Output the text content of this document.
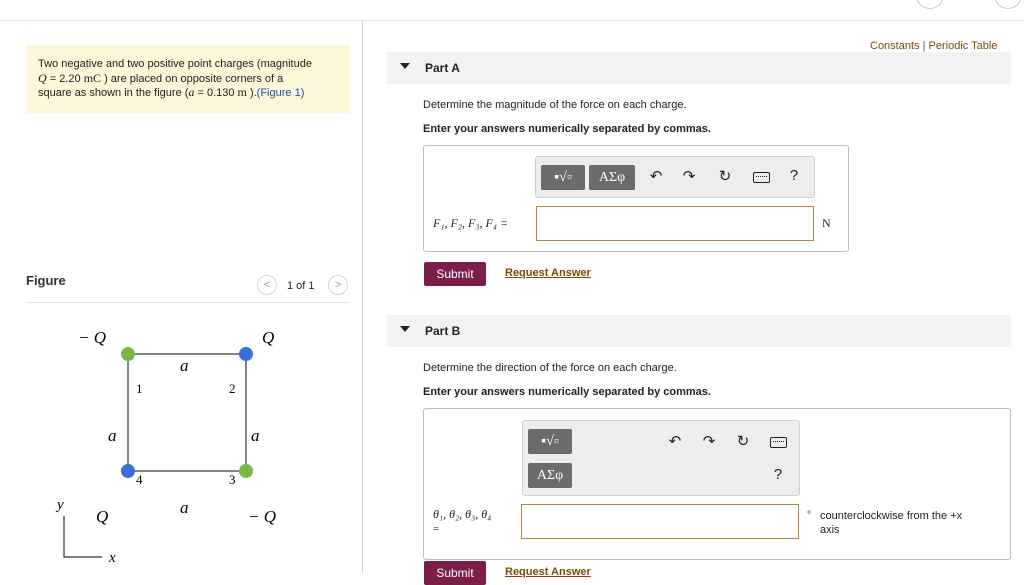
Two negative and two positive point charges (magnitude
Q = 2.20 mC ) are placed on opposite corners of a
square as shown in the figure (a = 0.130 m ).(Figure 1)
Figure	<	1 of 1	>
− Q	Q
Q	− Q
a
a
a	a
1	2
3
4
y
x
Constants | Periodic Table
Part A
Determine the magnitude of the force on each charge.
Enter your answers numerically separated by commas.
▪√▫	ΑΣφ	↶	↷	↻	?
F₁, F₂, F₃, F₄ =	N
Submit	Request Answer
Part B
Determine the direction of the force on each charge.
Enter your answers numerically separated by commas.
▪√▫
ΑΣφ
↶	↷	↻
?
θ₁, θ₂, θ₃, θ₄
=
° counterclockwise from the +x
axis
Submit	Request Answer
